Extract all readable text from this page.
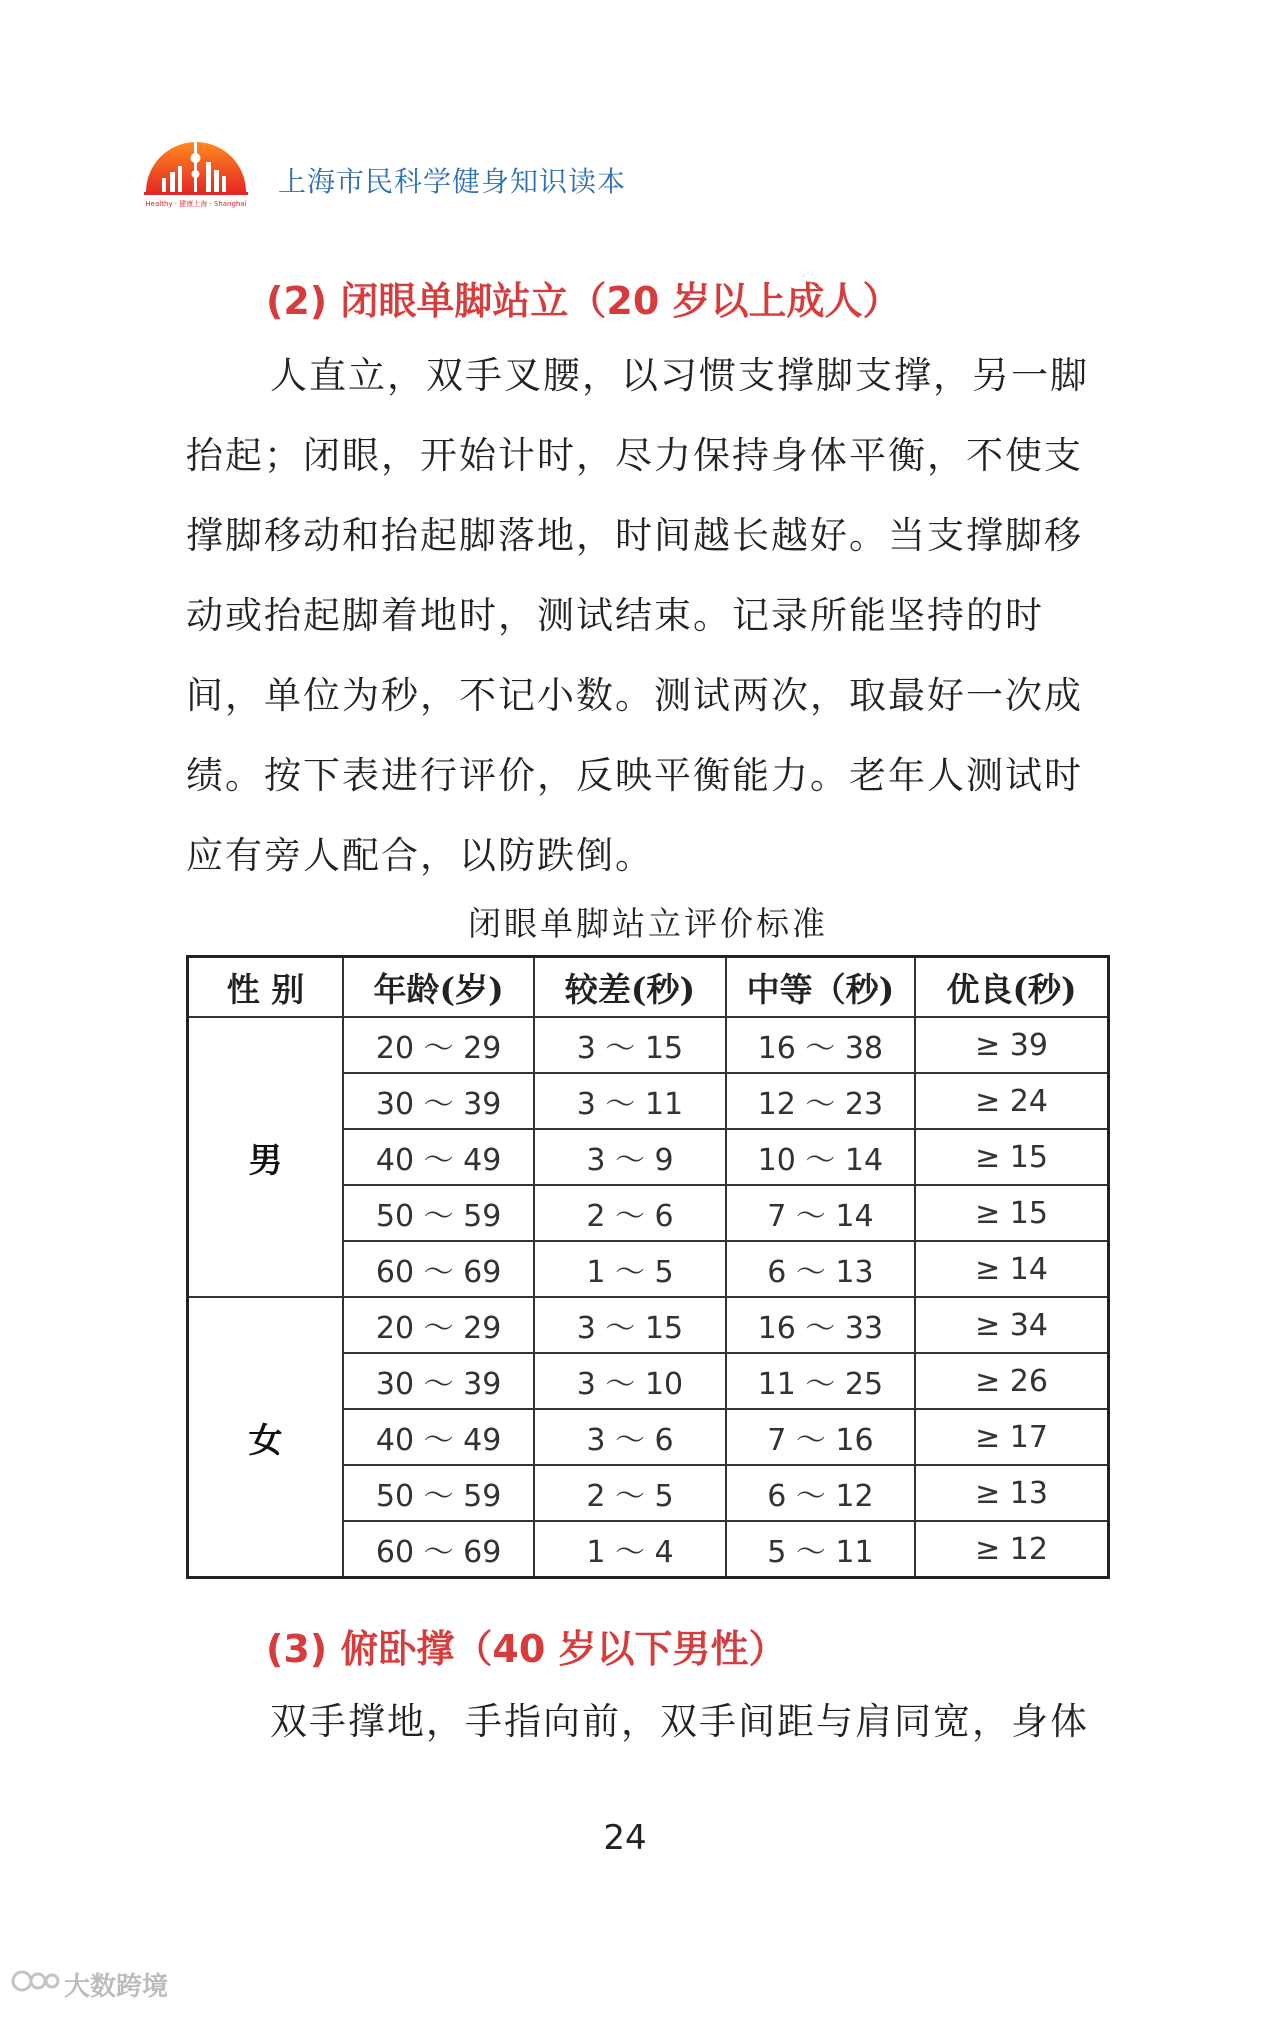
Healthy · 健康上海 · Shanghai
上海市民科学健身知识读本
(2) 闭眼单脚站立（20 岁以上成人）
人直立，双手叉腰，以习惯支撑脚支撑，另一脚抬起；闭眼，开始计时，尽力保持身体平衡，不使支撑脚移动和抬起脚落地，时间越长越好。当支撑脚移动或抬起脚着地时，测试结束。记录所能坚持的时间，单位为秒，不记小数。测试两次，取最好一次成绩。按下表进行评价，反映平衡能力。老年人测试时应有旁人配合，以防跌倒。
闭眼单脚站立评价标准
性 别	年龄(岁)	较差(秒)	中等（秒)	优良(秒)
男	20 ～ 29	3 ～ 15	16 ～ 38	≥ 39
	30 ～ 39	3 ～ 11	12 ～ 23	≥ 24
	40 ～ 49	3 ～ 9	10 ～ 14	≥ 15
	50 ～ 59	2 ～ 6	7 ～ 14	≥ 15
	60 ～ 69	1 ～ 5	6 ～ 13	≥ 14
女	20 ～ 29	3 ～ 15	16 ～ 33	≥ 34
	30 ～ 39	3 ～ 10	11 ～ 25	≥ 26
	40 ～ 49	3 ～ 6	7 ～ 16	≥ 17
	50 ～ 59	2 ～ 5	6 ～ 12	≥ 13
	60 ～ 69	1 ～ 4	5 ～ 11	≥ 12
(3) 俯卧撑（40 岁以下男性）
双手撑地，手指向前，双手间距与肩同宽，身体
24
大数跨境
